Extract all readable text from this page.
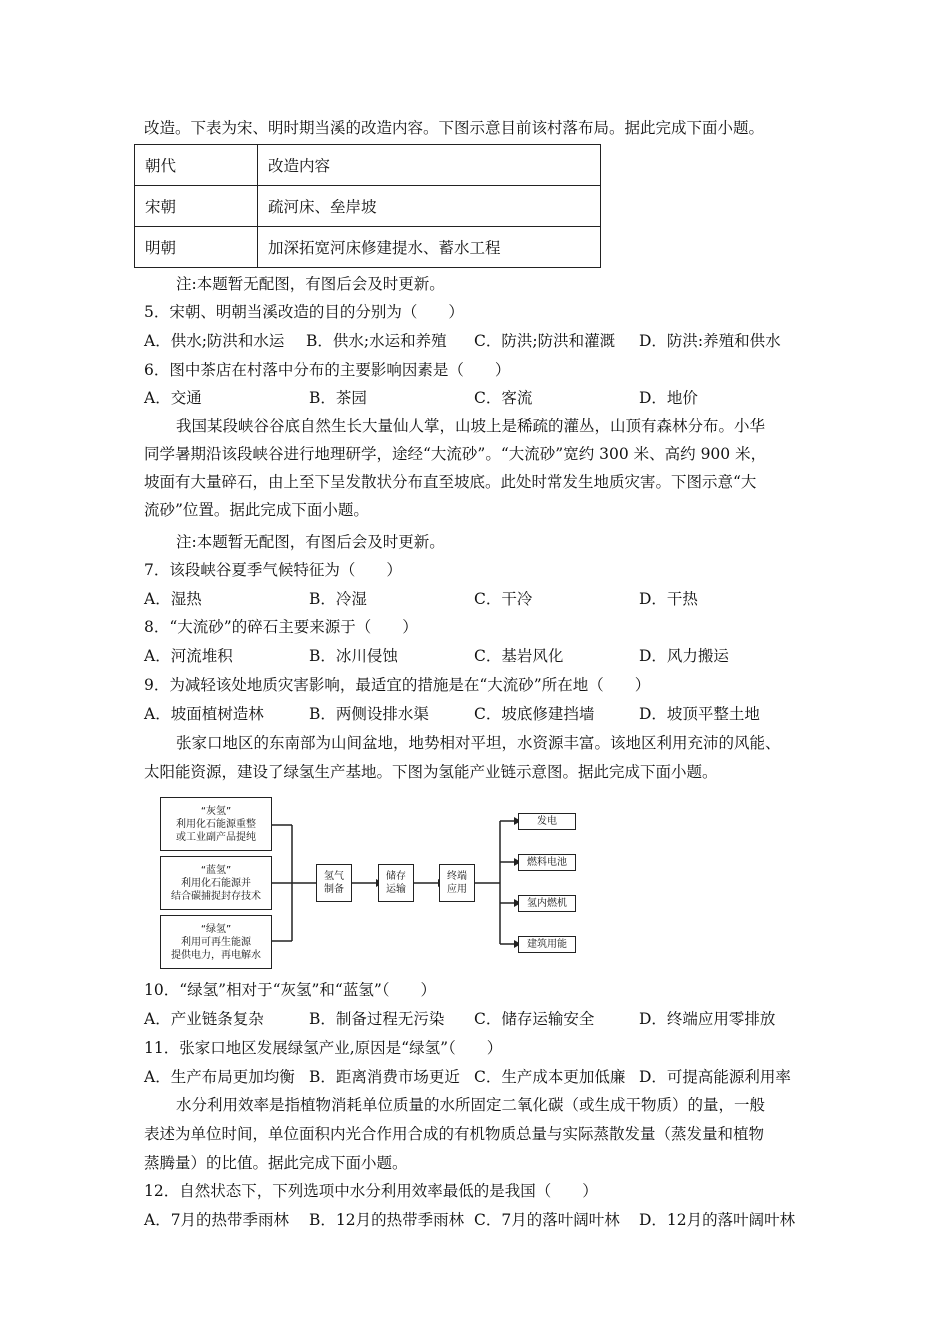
改造。下表为宋、明时期当溪的改造内容。下图示意目前该村落布局。据此完成下面小题。
朝代	改造内容
宋朝	疏河床、垒岸坡
明朝	加深拓宽河床修建提水、蓄水工程
注:本题暂无配图，有图后会及时更新。
5．宋朝、明朝当溪改造的目的分别为（　　）
A．供水;防洪和水运 B．供水;水运和养殖 C．防洪;防洪和灌溉 D．防洪:养殖和供水
6．图中茶店在村落中分布的主要影响因素是（　　）
A．交通	B．茶园	C．客流	D．地价
我国某段峡谷谷底自然生长大量仙人掌，山坡上是稀疏的灌丛，山顶有森林分布。小华
同学暑期沿该段峡谷进行地理研学，途经“大流砂”。“大流砂”宽约 300 米、高约 900 米，
坡面有大量碎石，由上至下呈发散状分布直至坡底。此处时常发生地质灾害。下图示意“大
流砂”位置。据此完成下面小题。
注:本题暂无配图，有图后会及时更新。
7．该段峡谷夏季气候特征为（　　）
A．湿热	B．冷湿	C．干冷	D．干热
8．“大流砂”的碎石主要来源于（　　）
A．河流堆积	B．冰川侵蚀	C．基岩风化	D．风力搬运
9．为减轻该处地质灾害影响，最适宜的措施是在“大流砂”所在地（　　）
A．坡面植树造林	B．两侧设排水渠	C．坡底修建挡墙	D．坡顶平整土地
张家口地区的东南部为山间盆地，地势相对平坦，水资源丰富。该地区利用充沛的风能、
太阳能资源，建设了绿氢生产基地。下图为氢能产业链示意图。据此完成下面小题。
“灰氢”
利用化石能源重整
或工业副产品提纯
“蓝氢”
利用化石能源并
结合碳捕捉封存技术
“绿氢”
利用可再生能源
提供电力，再电解水
氢气
制备
储存
运输
终端
应用
发电
燃料电池
氢内燃机
建筑用能
10．“绿氢”相对于“灰氢”和“蓝氢”（　　）
A．产业链条复杂	B．制备过程无污染 C．储存运输安全	D．终端应用零排放
11．张家口地区发展绿氢产业,原因是“绿氢”（　　）
A．生产布局更加均衡 B．距离消费市场更近 C．生产成本更加低廉 D．可提高能源利用率
水分利用效率是指植物消耗单位质量的水所固定二氧化碳（或生成干物质）的量，一般
表述为单位时间，单位面积内光合作用合成的有机物质总量与实际蒸散发量（蒸发量和植物
蒸腾量）的比值。据此完成下面小题。
12．自然状态下，下列选项中水分利用效率最低的是我国（　　）
A．7月的热带季雨林 B．12月的热带季雨林 C．7月的落叶阔叶林 D．12月的落叶阔叶林
